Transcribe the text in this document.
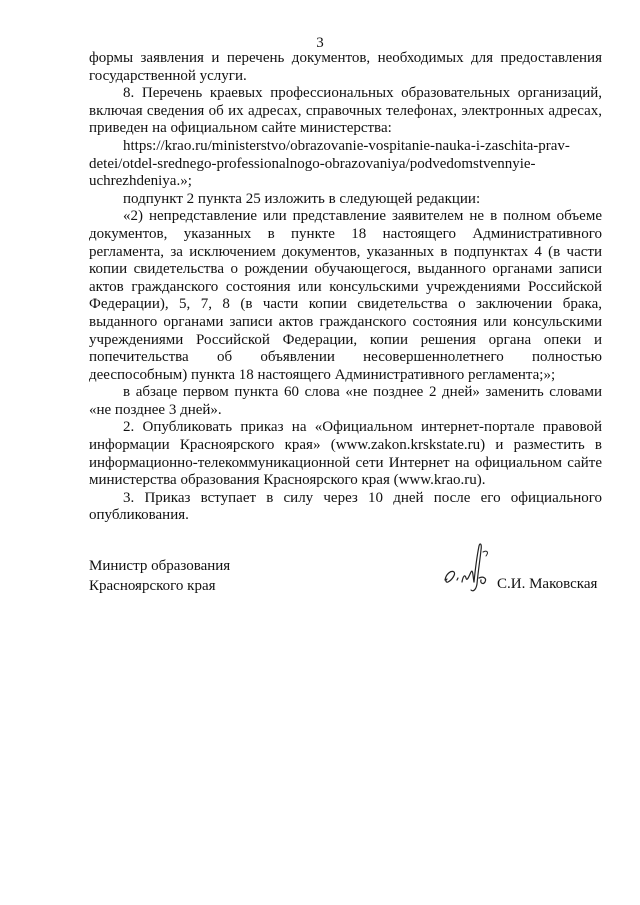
3

формы заявления и перечень документов, необходимых для предоставления государственной услуги.

8. Перечень краевых профессиональных образовательных организаций, включая сведения об их адресах, справочных телефонах, электронных адресах, приведен на официальном сайте министерства:

https://krao.ru/ministerstvo/obrazovanie-vospitanie-nauka-i-zaschita-prav-detei/otdel-srednego-professionalnogo-obrazovaniya/podvedomstvennyie-uchrezhdeniya.»;

подпункт 2 пункта 25 изложить в следующей редакции:

«2) непредставление или представление заявителем не в полном объеме документов, указанных в пункте 18 настоящего Административного регламента, за исключением документов, указанных в подпунктах 4 (в части копии свидетельства о рождении обучающегося, выданного органами записи актов гражданского состояния или консульскими учреждениями Российской Федерации), 5, 7, 8 (в части копии свидетельства о заключении брака, выданного органами записи актов гражданского состояния или консульскими учреждениями Российской Федерации, копии решения органа опеки и попечительства об объявлении несовершеннолетнего полностью дееспособным) пункта 18 настоящего Административного регламента;»;

в абзаце первом пункта 60 слова «не позднее 2 дней» заменить словами «не позднее 3 дней».

2. Опубликовать приказ на «Официальном интернет-портале правовой информации Красноярского края» (www.zakon.krskstate.ru) и разместить в информационно-телекоммуникационной сети Интернет на официальном сайте министерства образования Красноярского края (www.krao.ru).

3. Приказ вступает в силу через 10 дней после его официального опубликования.

Министр образования
Красноярского края	С.И. Маковская
